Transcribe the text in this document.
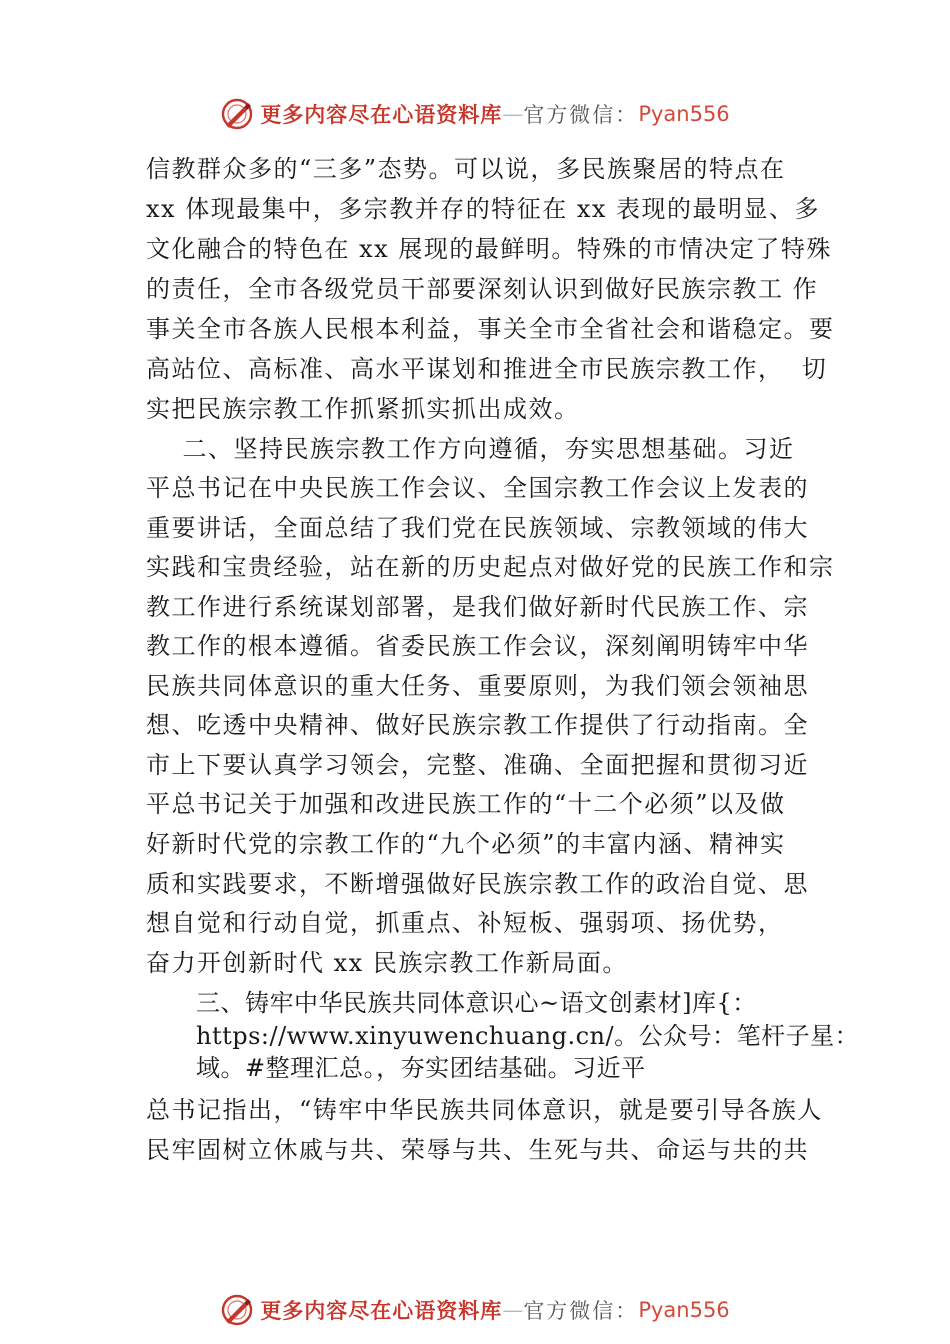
更多内容尽在心语资料库 — 官方微信： Pyan556
信教群众多的“三多”态势。可以说，多民族聚居的特点在
xx 体现最集中，多宗教并存的特征在 xx 表现的最明显、多
文化融合的特色在 xx 展现的最鲜明。特殊的市情决定了特殊
的责任，全市各级党员干部要深刻认识到做好民族宗教工 作
事关全市各族人民根本利益，事关全市全省社会和谐稳定。要
高站位、高标准、高水平谋划和推进全市民族宗教工作，  切
实把民族宗教工作抓紧抓实抓出成效。
二、坚持民族宗教工作方向遵循，夯实思想基础。习近
平总书记在中央民族工作会议、全国宗教工作会议上发表的
重要讲话，全面总结了我们党在民族领域、宗教领域的伟大
实践和宝贵经验，站在新的历史起点对做好党的民族工作和宗
教工作进行系统谋划部署，是我们做好新时代民族工作、宗
教工作的根本遵循。省委民族工作会议，深刻阐明铸牢中华
民族共同体意识的重大任务、重要原则，为我们领会领袖思
想、吃透中央精神、做好民族宗教工作提供了行动指南。全
市上下要认真学习领会，完整、准确、全面把握和贯彻习近
平总书记关于加强和改进民族工作的“十二个必须”以及做
好新时代党的宗教工作的“九个必须”的丰富内涵、精神实
质和实践要求，不断增强做好民族宗教工作的政治自觉、思
想自觉和行动自觉，抓重点、补短板、强弱项、扬优势，
奋力开创新时代 xx 民族宗教工作新局面。
三、铸牢中华民族共同体意识心~语文创素材]库{：
https://www.xinyuwenchuang.cn/。公众号：笔杆子星：
域。#整理汇总。，夯实团结基础。习近平
总书记指出，“铸牢中华民族共同体意识，就是要引导各族人
民牢固树立休戚与共、荣辱与共、生死与共、命运与共的共
更多内容尽在心语资料库 — 官方微信： Pyan556
